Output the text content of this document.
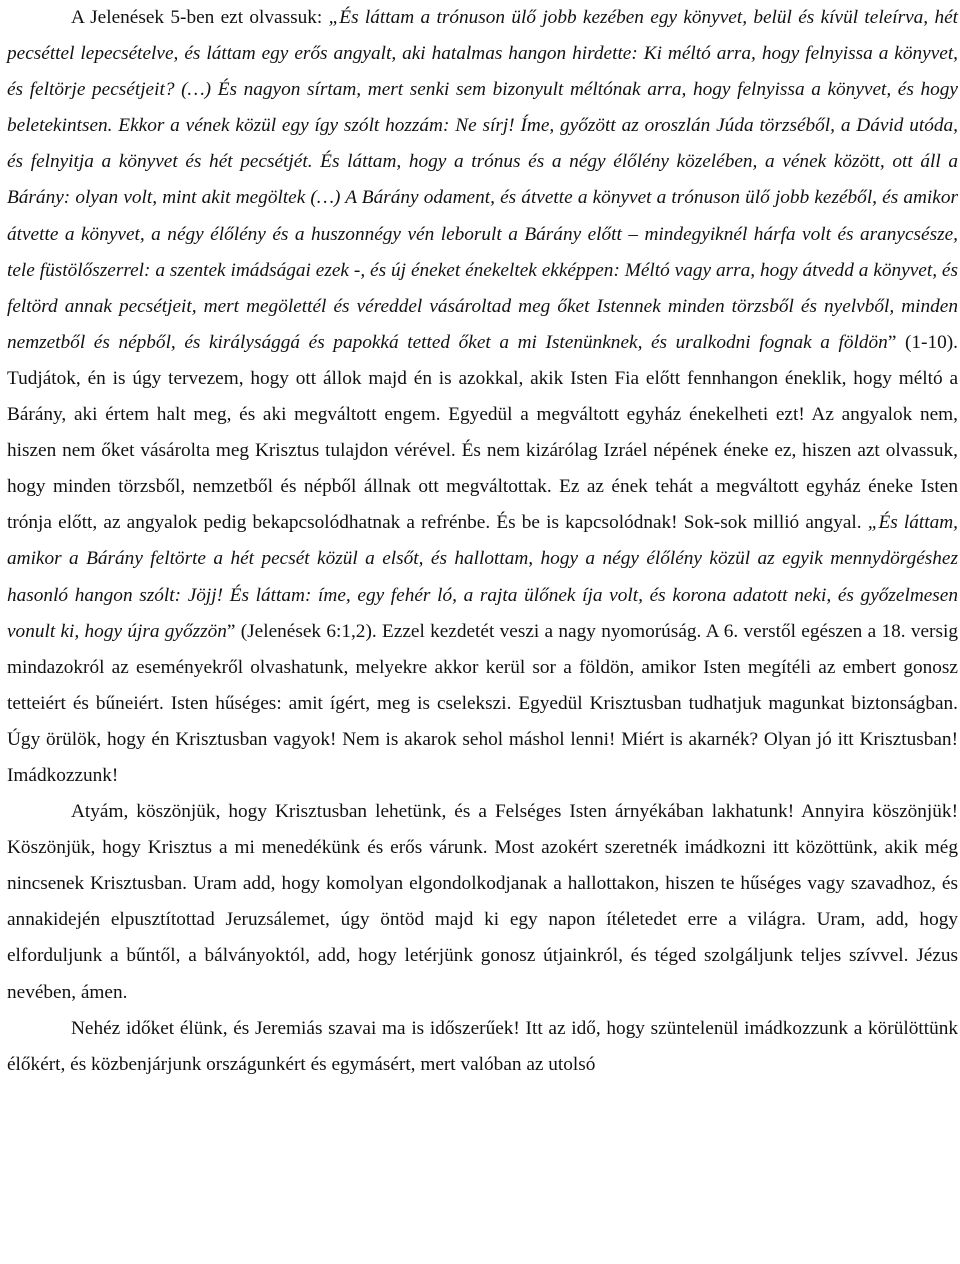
A Jelenések 5-ben ezt olvassuk: „És láttam a trónuson ülő jobb kezében egy könyvet, belül és kívül teleírva, hét pecséttel lepecsételve, és láttam egy erős angyalt, aki hatalmas hangon hirdette: Ki méltó arra, hogy felnyissa a könyvet, és feltörje pecsétjeit? (…) És nagyon sírtam, mert senki sem bizonyult méltónak arra, hogy felnyissa a könyvet, és hogy beletekintsen. Ekkor a vének közül egy így szólt hozzám: Ne sírj! Íme, győzött az oroszlán Júda törzséből, a Dávid utóda, és felnyitja a könyvet és hét pecsétjét. És láttam, hogy a trónus és a négy élőlény közelében, a vének között, ott áll a Bárány: olyan volt, mint akit megöltek (…) A Bárány odament, és átvette a könyvet a trónuson ülő jobb kezéből, és amikor átvette a könyvet, a négy élőlény és a huszonnégy vén leborult a Bárány előtt – mindegyiknél hárfa volt és aranycsésze, tele füstölőszerrel: a szentek imádságai ezek -, és új éneket énekeltek ekképpen: Méltó vagy arra, hogy átvedd a könyvet, és feltörd annak pecsétjeit, mert megölettél és véreddel vásároltad meg őket Istennek minden törzsből és nyelvből, minden nemzetből és népből, és királysággá és papokká tetted őket a mi Istenünknek, és uralkodni fognak a földön” (1-10). Tudjátok, én is úgy tervezem, hogy ott állok majd én is azokkal, akik Isten Fia előtt fennhangon éneklik, hogy méltó a Bárány, aki értem halt meg, és aki megváltott engem. Egyedül a megváltott egyház énekelheti ezt! Az angyalok nem, hiszen nem őket vásárolta meg Krisztus tulajdon vérével. És nem kizárólag Izráel népének éneke ez, hiszen azt olvassuk, hogy minden törzsből, nemzetből és népből állnak ott megváltottak. Ez az ének tehát a megváltott egyház éneke Isten trónja előtt, az angyalok pedig bekapcsolódhatnak a refrénbe. És be is kapcsolódnak! Sok-sok millió angyal. „És láttam, amikor a Bárány feltörte a hét pecsét közül a elsőt, és hallottam, hogy a négy élőlény közül az egyik mennydörgéshez hasonló hangon szólt: Jöjj! És láttam: íme, egy fehér ló, a rajta ülőnek íja volt, és korona adatott neki, és győzelmesen vonult ki, hogy újra győzzön” (Jelenések 6:1,2). Ezzel kezdetét veszi a nagy nyomorúság. A 6. verstől egészen a 18. versig mindazokról az eseményekről olvashatunk, melyekre akkor kerül sor a földön, amikor Isten megítéli az embert gonosz tetteiért és bűneiért. Isten hűséges: amit ígért, meg is cselekszi. Egyedül Krisztusban tudhatjuk magunkat biztonságban. Úgy örülök, hogy én Krisztusban vagyok! Nem is akarok sehol máshol lenni! Miért is akarnék? Olyan jó itt Krisztusban! Imádkozzunk!

Atyám, köszönjük, hogy Krisztusban lehetünk, és a Felséges Isten árnyékában lakhatunk! Annyira köszönjük! Köszönjük, hogy Krisztus a mi menedékünk és erős várunk. Most azokért szeretnék imádkozni itt közöttünk, akik még nincsenek Krisztusban. Uram add, hogy komolyan elgondolkodjanak a hallottakon, hiszen te hűséges vagy szavadhoz, és annakidején elpusztítottad Jeruzsálemet, úgy öntöd majd ki egy napon ítéletedet erre a világra. Uram, add, hogy elforduljunk a bűntől, a bálványoktól, add, hogy letérjünk gonosz útjainkról, és téged szolgáljunk teljes szívvel. Jézus nevében, ámen.

Nehéz időket élünk, és Jeremiás szavai ma is időszerűek! Itt az idő, hogy szüntelenül imádkozzunk a körülöttünk élőkért, és közbenjárjunk országunkért és egymásért, mert valóban az utolsó
